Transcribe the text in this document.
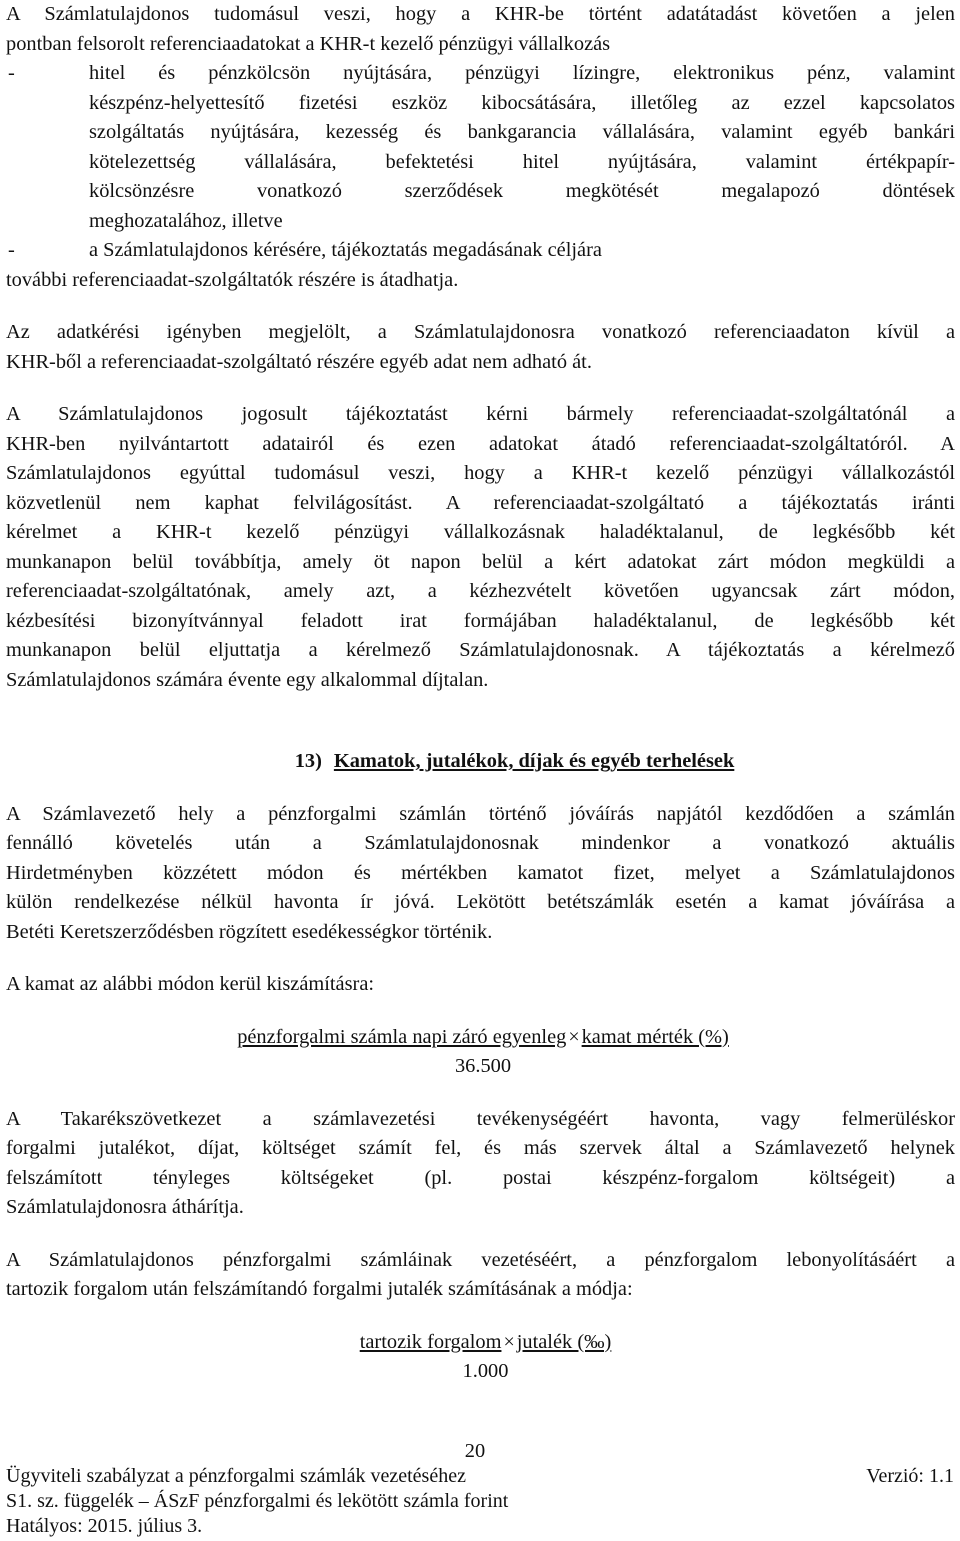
A Számlatulajdonos tudomásul veszi, hogy a KHR-be történt adatátadást követően a jelen

pontban felsorolt referenciaadatokat a KHR-t kezelő pénzügyi vállalkozás

-	hitel és pénzkölcsön nyújtására, pénzügyi lízingre, elektronikus pénz, valamint

készpénz-helyettesítő fizetési eszköz kibocsátására, illetőleg az ezzel kapcsolatos

szolgáltatás nyújtására, kezesség és bankgarancia vállalására, valamint egyéb bankári

kötelezettség vállalására, befektetési hitel nyújtására, valamint értékpapír-

kölcsönzésre vonatkozó szerződések megkötését megalapozó döntések

meghozatalához, illetve

-	a Számlatulajdonos kérésére, tájékoztatás megadásának céljára

további referenciaadat-szolgáltatók részére is átadhatja.

Az adatkérési igényben megjelölt, a Számlatulajdonosra vonatkozó referenciaadaton kívül a

KHR-ből a referenciaadat-szolgáltató részére egyéb adat nem adható át.

A Számlatulajdonos jogosult tájékoztatást kérni bármely referenciaadat-szolgáltatónál a

KHR-ben nyilvántartott adatairól és ezen adatokat átadó referenciaadat-szolgáltatóról. A

Számlatulajdonos egyúttal tudomásul veszi, hogy a KHR-t kezelő pénzügyi vállalkozástól

közvetlenül nem kaphat felvilágosítást. A referenciaadat-szolgáltató a tájékoztatás iránti

kérelmet a KHR-t kezelő pénzügyi vállalkozásnak haladéktalanul, de legkésőbb két

munkanapon belül továbbítja, amely öt napon belül a kért adatokat zárt módon megküldi a

referenciaadat-szolgáltatónak, amely azt, a kézhezvételt követően ugyancsak zárt módon,

kézbesítési bizonyítvánnyal feladott irat formájában haladéktalanul, de legkésőbb két

munkanapon belül eljuttatja a kérelmező Számlatulajdonosnak. A tájékoztatás a kérelmező

Számlatulajdonos számára évente egy alkalommal díjtalan.

13) Kamatok, jutalékok, díjak és egyéb terhelések

A Számlavezető hely a pénzforgalmi számlán történő jóváírás napjától kezdődően a számlán

fennálló követelés után a Számlatulajdonosnak mindenkor a vonatkozó aktuális

Hirdetményben közzétett módon és mértékben kamatot fizet, melyet a Számlatulajdonos

külön rendelkezése nélkül havonta ír jóvá. Lekötött betétszámlák esetén a kamat jóváírása a

Betéti Keretszerződésben rögzített esedékességkor történik.

A kamat az alábbi módon kerül kiszámításra:

pénzforgalmi számla napi záró egyenleg ×kamat mérték (%)

36.500

A Takarékszövetkezet a számlavezetési tevékenységéért havonta, vagy felmerüléskor

forgalmi jutalékot, díjat, költséget számít fel, és más szervek által a Számlavezető helynek

felszámított tényleges költségeket (pl. postai készpénz-forgalom költségeit) a

Számlatulajdonosra áthárítja.

A Számlatulajdonos pénzforgalmi számláinak vezetéséért, a pénzforgalom lebonyolításáért a

tartozik forgalom után felszámítandó forgalmi jutalék számításának a módja:

tartozik forgalom ×jutalék (‰)

1.000

20

Ügyviteli szabályzat a pénzforgalmi számlák vezetéséhez	Verzió: 1.1

S1. sz. függelék – ÁSzF pénzforgalmi és lekötött számla forint

Hatályos: 2015. július 3.
